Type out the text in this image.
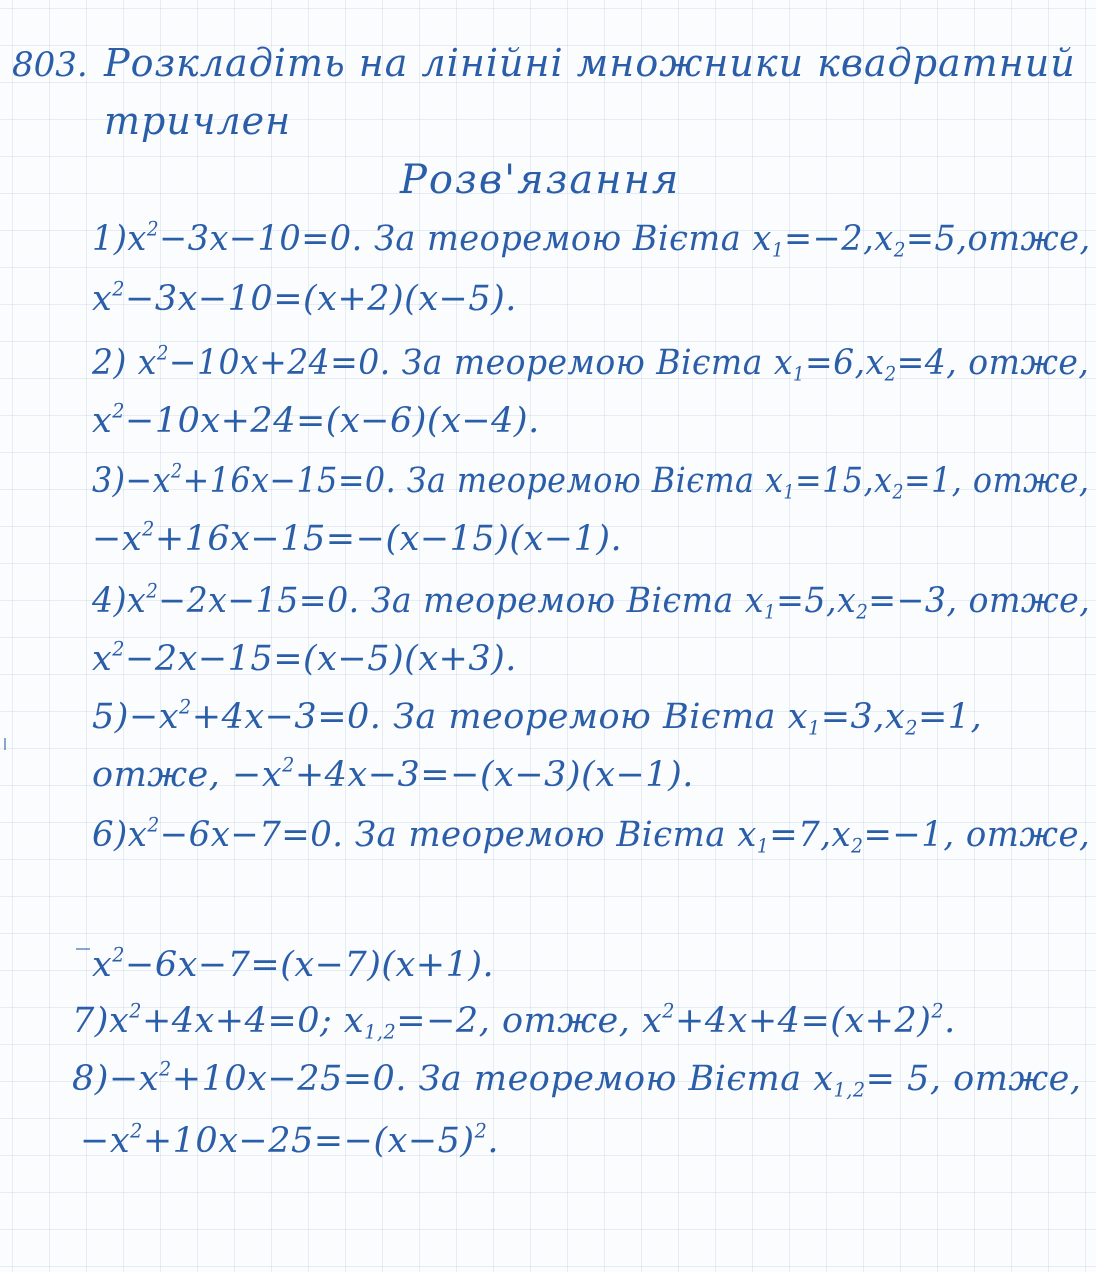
803. Розкладіть на лінійні множники квадратний
тричлен
Розв'язання
$1)x^2-3x-10=0$. За теоремою Вієта $x_1=-2,x_2=5,отже$,
$x^2-3x-10=(x+2)(x-5)$.
2) $x^2-10x+24=0$. За теоремою Вієта $x_1=6,x_2=4$, отже,
$x^2-10x+24=(x-6)(x-4)$.
$3)-x^2+16x-15=0$. За теоремою Вієта $x_1=15,x_2=1$, отже,
$-x^2+16x-15=-(x-15)(x-1)$.
$4)x^2-2x-15=0$. За теоремою Вієта $x_1=5,x_2=-3$, отже,
$x^2-2x-15=(x-5)(x+3)$.
$5)-x^2+4x-3=0$. За теоремою Вієта $x_1=3,x_2=1$,
отже, $-x^2+4x-3=-(x-3)(x-1)$.
$6)x^2-6x-7=0$. За теоремою Вієта $x_1=7,x_2=-1$, отже,
$x^2-6x-7=(x-7)(x+1)$.
$7)x^2+4x+4=0$; $x_{1,2}=-2$, отже, $x^2+4x+4=(x+2)^2$.
$8)-x^2+10x-25=0$. За теоремою Вієта $x_{1,2}= 5$, отже,
$-x^2+10x-25=-(x-5)^2$.
